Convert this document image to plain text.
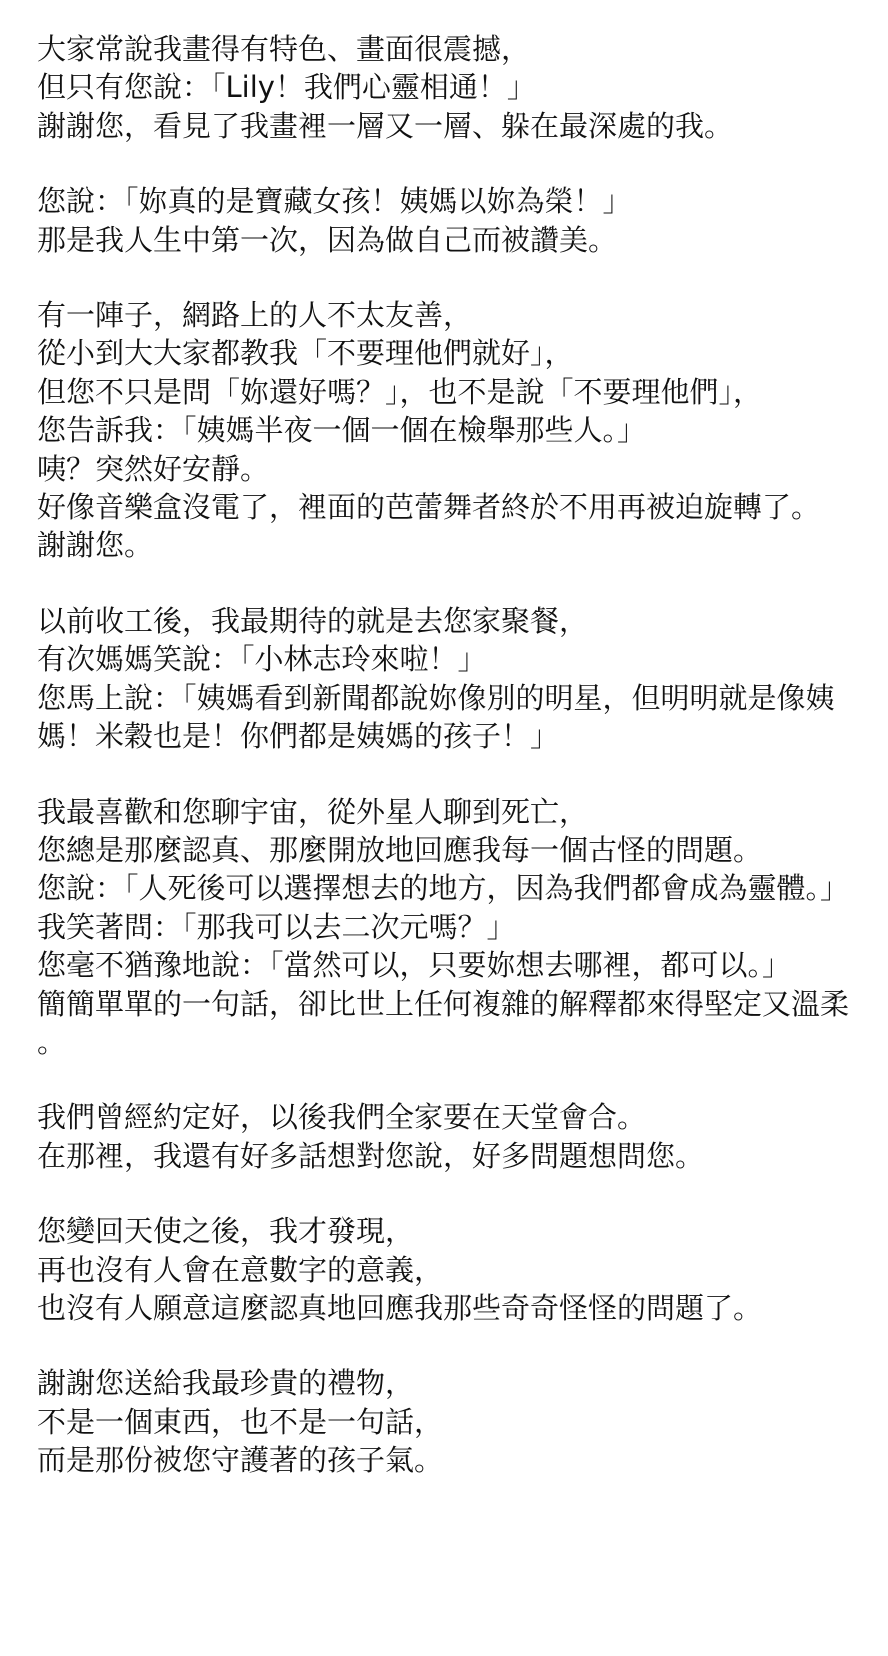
大家常說我畫得有特色、畫面很震撼，
但只有您說：「Lily！我們心靈相通！」
謝謝您，看見了我畫裡一層又一層、躲在最深處的我。

您說：「妳真的是寶藏女孩！姨媽以妳為榮！」
那是我人生中第一次，因為做自己而被讚美。

有一陣子，網路上的人不太友善，
從小到大大家都教我「不要理他們就好」，
但您不只是問「妳還好嗎？」，也不是說「不要理他們」，
您告訴我：「姨媽半夜一個一個在檢舉那些人。」
咦？突然好安靜。
好像音樂盒沒電了，裡面的芭蕾舞者終於不用再被迫旋轉了。
謝謝您。

以前收工後，我最期待的就是去您家聚餐，
有次媽媽笑說：「小林志玲來啦！」
您馬上說：「姨媽看到新聞都說妳像別的明星，但明明就是像姨媽！米穀也是！你們都是姨媽的孩子！」

我最喜歡和您聊宇宙，從外星人聊到死亡，
您總是那麼認真、那麼開放地回應我每一個古怪的問題。
您說：「人死後可以選擇想去的地方，因為我們都會成為靈體。」
我笑著問：「那我可以去二次元嗎？」
您毫不猶豫地說：「當然可以，只要妳想去哪裡，都可以。」
簡簡單單的一句話，卻比世上任何複雜的解釋都來得堅定又溫柔。

我們曾經約定好，以後我們全家要在天堂會合。
在那裡，我還有好多話想對您說，好多問題想問您。

您變回天使之後，我才發現，
再也沒有人會在意數字的意義，
也沒有人願意這麼認真地回應我那些奇奇怪怪的問題了。

謝謝您送給我最珍貴的禮物，
不是一個東西，也不是一句話，
而是那份被您守護著的孩子氣。
